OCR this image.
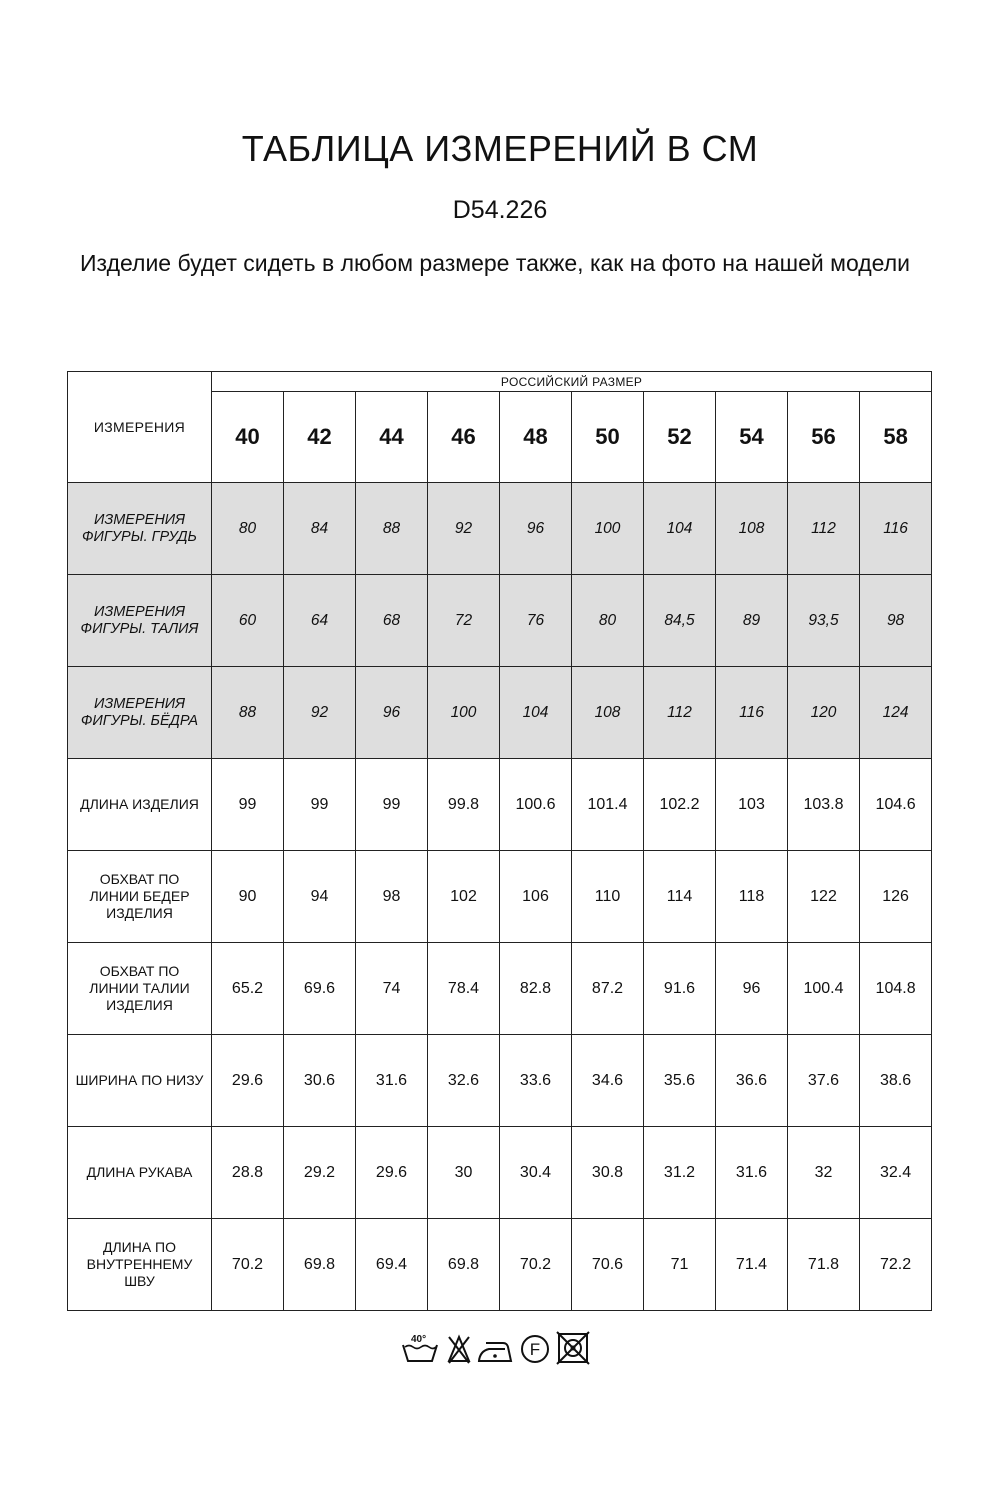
ТАБЛИЦА ИЗМЕРЕНИЙ В СМ
D54.226
Изделие будет сидеть в любом размере также, как на фото на нашей модели
ИЗМЕРЕНИЯ	РОССИЙСКИЙ РАЗМЕР									
	40	42	44	46	48	50	52	54	56	58
ИЗМЕРЕНИЯ ФИГУРЫ. ГРУДЬ	80	84	88	92	96	100	104	108	112	116
ИЗМЕРЕНИЯ ФИГУРЫ. ТАЛИЯ	60	64	68	72	76	80	84,5	89	93,5	98
ИЗМЕРЕНИЯ ФИГУРЫ. БЁДРА	88	92	96	100	104	108	112	116	120	124
ДЛИНА ИЗДЕЛИЯ	99	99	99	99.8	100.6	101.4	102.2	103	103.8	104.6
ОБХВАТ ПО ЛИНИИ БЕДЕР ИЗДЕЛИЯ	90	94	98	102	106	110	114	118	122	126
ОБХВАТ ПО ЛИНИИ ТАЛИИ ИЗДЕЛИЯ	65.2	69.6	74	78.4	82.8	87.2	91.6	96	100.4	104.8
ШИРИНА ПО НИЗУ	29.6	30.6	31.6	32.6	33.6	34.6	35.6	36.6	37.6	38.6
ДЛИНА РУКАВА	28.8	29.2	29.6	30	30.4	30.8	31.2	31.6	32	32.4
ДЛИНА ПО ВНУТРЕННЕМУ ШВУ	70.2	69.8	69.4	69.8	70.2	70.6	71	71.4	71.8	72.2
40°
F
